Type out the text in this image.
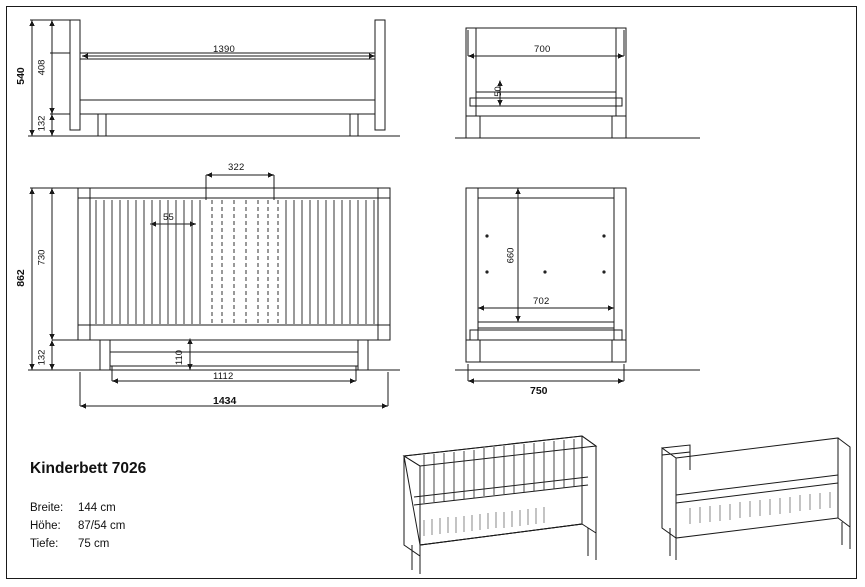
1390
540 408
132
700
50
322
55
862
730
132	110
1112
1434
660
702
750
Kinderbett 7026
Breite: 144 cm
Höhe: 87/54 cm
Tiefe: 75 cm
